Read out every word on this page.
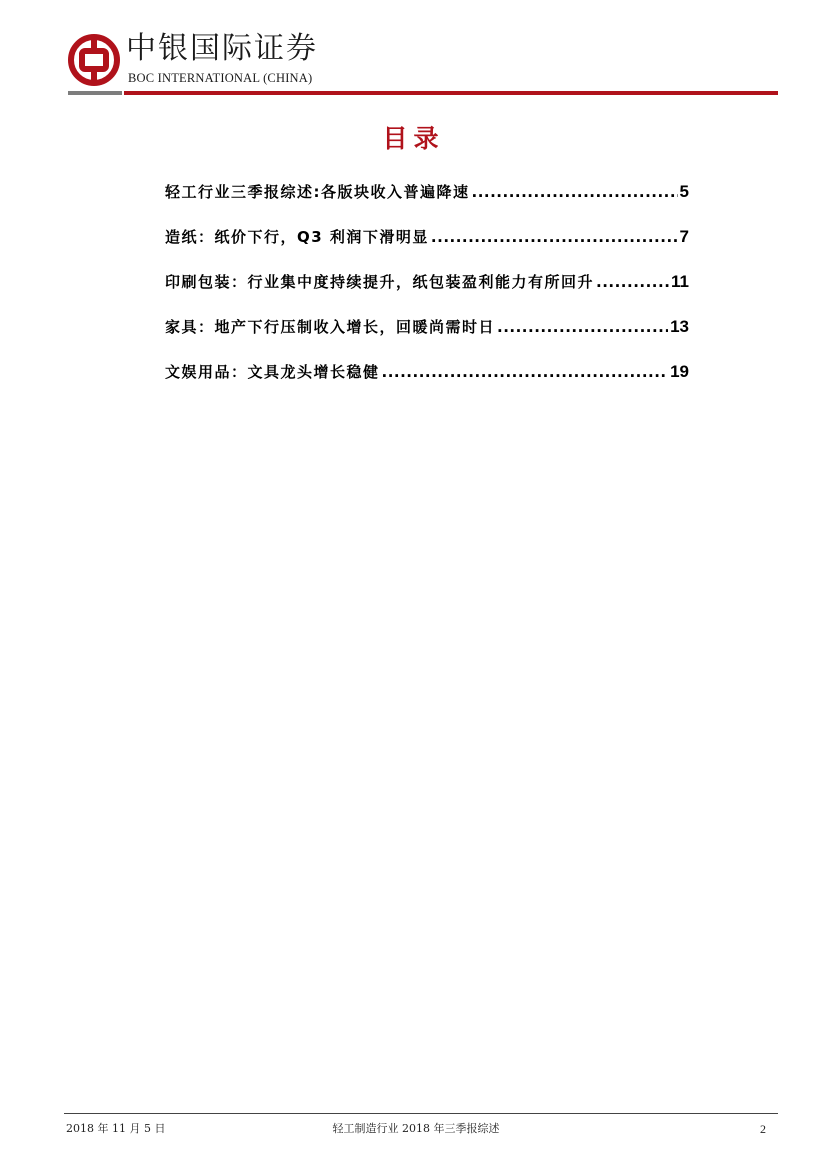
中银国际证券
BOC INTERNATIONAL (CHINA)
目录
轻工行业三季报综述:各版块收入普遍降速 .....	5
造纸：纸价下行，Q3 利润下滑明显 .....	7
印刷包装：行业集中度持续提升，纸包装盈利能力有所回升 .....	11
家具：地产下行压制收入增长，回暖尚需时日 .....	13
文娱用品：文具龙头增长稳健 .....	19
2018 年 11 月 5 日	轻工制造行业 2018 年三季报综述	2
